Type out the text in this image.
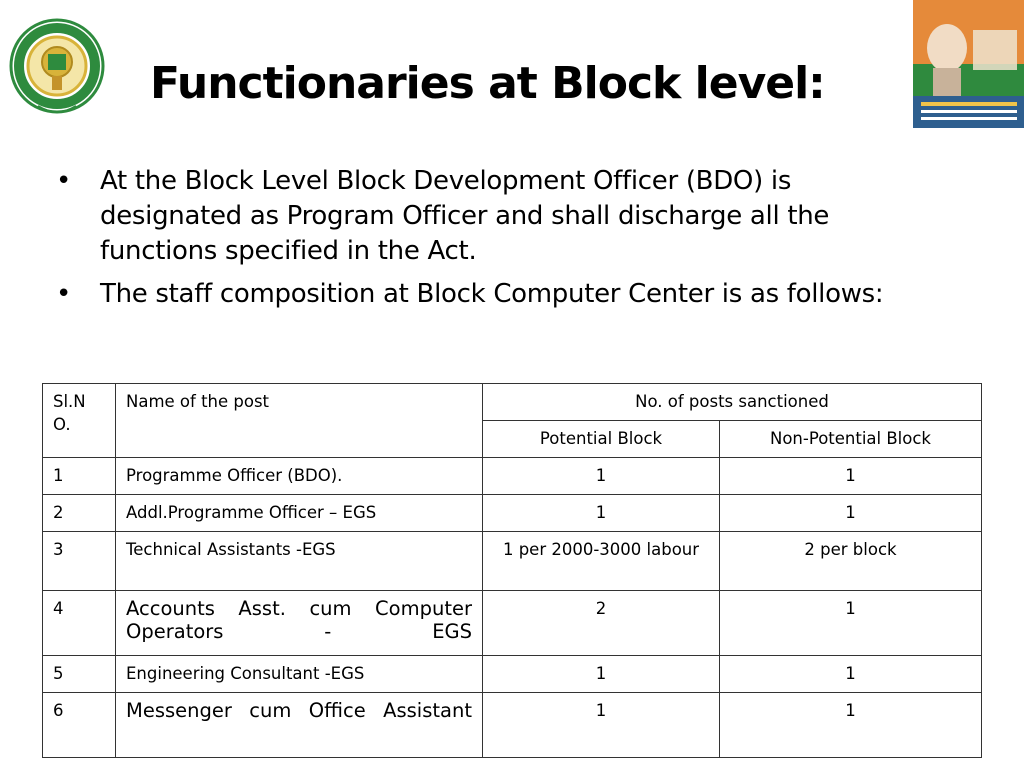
Functionaries at Block level:
• At the Block Level Block Development Officer (BDO) is designated as Program Officer and shall discharge all the functions specified in the Act.
• The staff composition at Block Computer Center is as follows:
Sl.N O.	Name of the post	No. of posts sanctioned	
		Potential Block	Non-Potential Block
1	Programme Officer (BDO).	1	1
2	Addl.Programme Officer – EGS	1	1
3	Technical Assistants -EGS	1 per 2000-3000 labour	2 per block
4	Accounts Asst. cum Computer Operators - EGS	2	1
5	Engineering Consultant -EGS	1	1
6	Messenger cum Office Assistant	1	1
